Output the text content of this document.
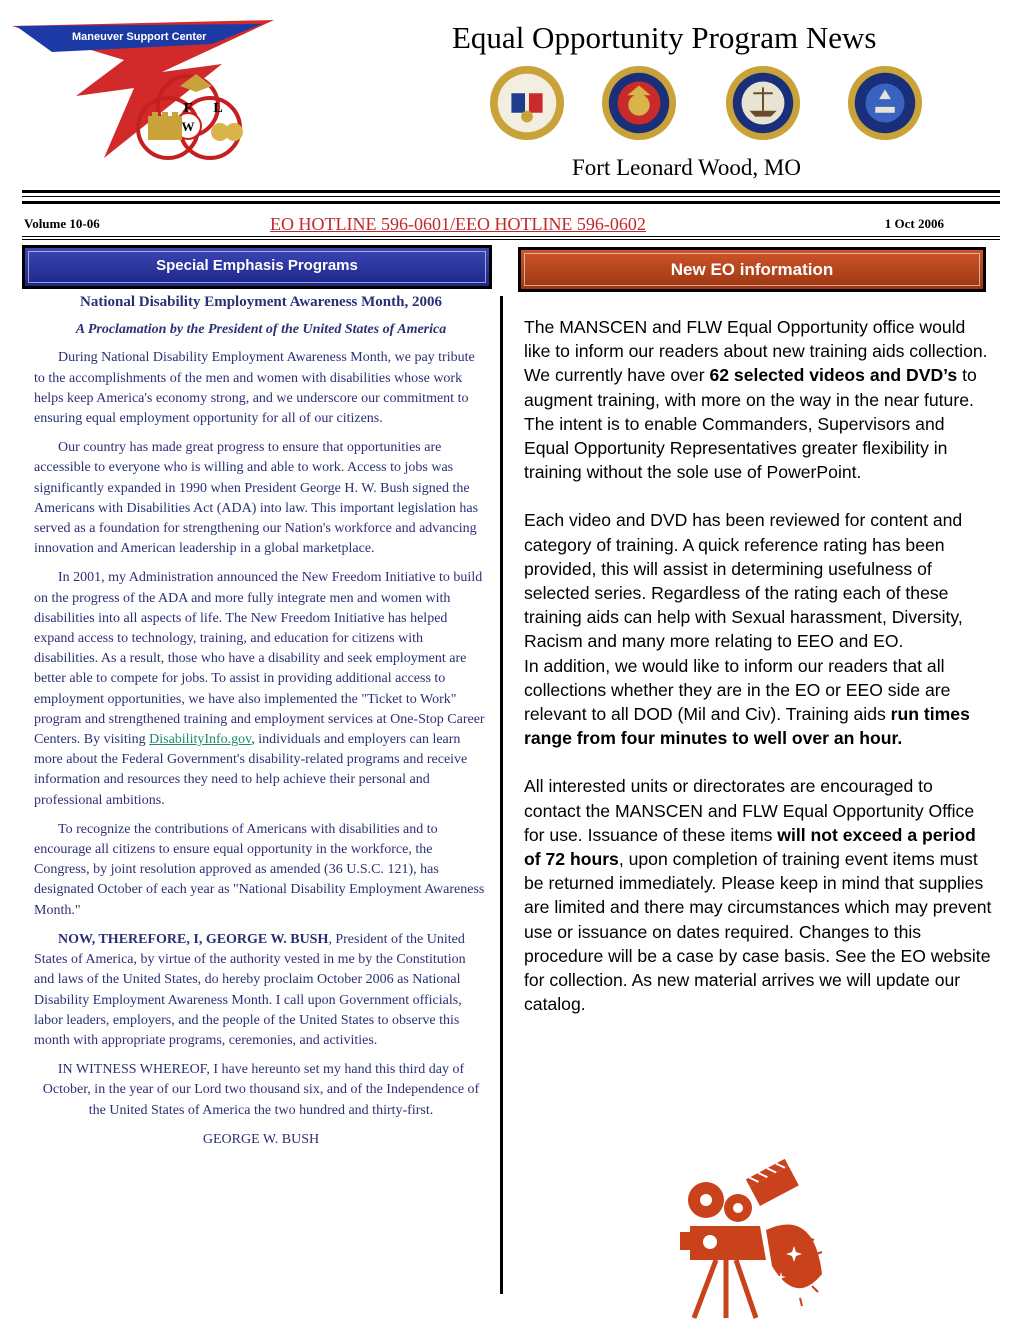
Maneuver Support Center
F L
W
Equal Opportunity Program News
Fort Leonard Wood, MO
Volume 10-06	EO HOTLINE 596-0601/EEO HOTLINE 596-0602	1 Oct 2006
Special Emphasis Programs	New EO information

National Disability Employment Awareness Month, 2006

A Proclamation by the President of the United States of America

During National Disability Employment Awareness Month, we pay tribute to the accomplishments of the men and women with disabilities whose work helps keep America's economy strong, and we underscore our commitment to ensuring equal employment opportunity for all of our citizens.

Our country has made great progress to ensure that opportunities are accessible to everyone who is willing and able to work. Access to jobs was significantly expanded in 1990 when President George H. W. Bush signed the Americans with Disabilities Act (ADA) into law. This important legislation has served as a foundation for strengthening our Nation's workforce and advancing innovation and American leadership in a global marketplace.

In 2001, my Administration announced the New Freedom Initiative to build on the progress of the ADA and more fully integrate men and women with disabilities into all aspects of life. The New Freedom Initiative has helped expand access to technology, training, and education for citizens with disabilities. As a result, those who have a disability and seek employment are better able to compete for jobs. To assist in providing additional access to employment opportunities, we have also implemented the "Ticket to Work" program and strengthened training and employment services at One-Stop Career Centers. By visiting DisabilityInfo.gov, individuals and employers can learn more about the Federal Government's disability-related programs and receive information and resources they need to help achieve their personal and professional ambitions.

To recognize the contributions of Americans with disabilities and to encourage all citizens to ensure equal opportunity in the workforce, the Congress, by joint resolution approved as amended (36 U.S.C. 121), has designated October of each year as "National Disability Employment Awareness Month."

NOW, THEREFORE, I, GEORGE W. BUSH, President of the United States of America, by virtue of the authority vested in me by the Constitution and laws of the United States, do hereby proclaim October 2006 as National Disability Employment Awareness Month. I call upon Government officials, labor leaders, employers, and the people of the United States to observe this month with appropriate programs, ceremonies, and activities.

IN WITNESS WHEREOF, I have hereunto set my hand this third day of October, in the year of our Lord two thousand six, and of the Independence of the United States of America the two hundred and thirty-first.

GEORGE W. BUSH

The MANSCEN and FLW Equal Opportunity office would like to inform our readers about new training aids collection. We currently have over 62 selected videos and DVD’s to augment training, with more on the way in the near future. The intent is to enable Commanders, Supervisors and Equal Opportunity Representatives greater flexibility in training without the sole use of PowerPoint.

Each video and DVD has been reviewed for content and category of training. A quick reference rating has been provided, this will assist in determining usefulness of selected series. Regardless of the rating each of these training aids can help with Sexual harassment, Diversity, Racism and many more relating to EEO and EO.

In addition, we would like to inform our readers that all collections whether they are in the EO or EEO side are relevant to all DOD (Mil and Civ). Training aids run times range from four minutes to well over an hour.

All interested units or directorates are encouraged to contact the MANSCEN and FLW Equal Opportunity Office for use. Issuance of these items will not exceed a period of 72 hours, upon completion of training event items must be returned immediately. Please keep in mind that supplies are limited and there may circumstances which may prevent use or issuance on dates required. Changes to this procedure will be a case by case basis. See the EO website for collection. As new material arrives we will update our catalog.
